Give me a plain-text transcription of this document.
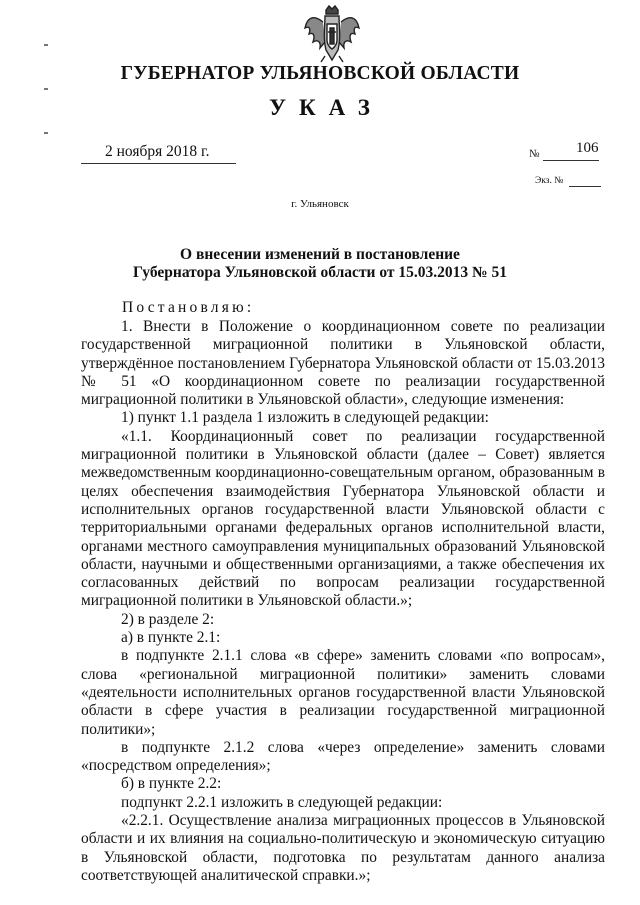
ГУБЕРНАТОР УЛЬЯНОВСКОЙ ОБЛАСТИ
УКАЗ
2 ноября 2018 г.	№ 106
Экз. №
г. Ульяновск
О внесении изменений в постановление
Губернатора Ульяновской области от 15.03.2013 № 51
Постановляю:

1. Внести в Положение о координационном совете по реализации государственной миграционной политики в Ульяновской области, утверждённое постановлением Губернатора Ульяновской области от 15.03.2013 № 51 «О координационном совете по реализации государственной миграционной политики в Ульяновской области», следующие изменения:

1) пункт 1.1 раздела 1 изложить в следующей редакции:

«1.1. Координационный совет по реализации государственной миграционной политики в Ульяновской области (далее – Совет) является межведомственным координационно-совещательным органом, образованным в целях обеспечения взаимодействия Губернатора Ульяновской области и исполнительных органов государственной власти Ульяновской области с территориальными органами федеральных органов исполнительной власти, органами местного самоуправления муниципальных образований Ульяновской области, научными и общественными организациями, а также обеспечения их согласованных действий по вопросам реализации государственной миграционной политики в Ульяновской области.»;

2) в разделе 2:

а) в пункте 2.1:

в подпункте 2.1.1 слова «в сфере» заменить словами «по вопросам», слова «региональной миграционной политики» заменить словами «деятельности исполнительных органов государственной власти Ульяновской области в сфере участия в реализации государственной миграционной политики»;

в подпункте 2.1.2 слова «через определение» заменить словами «посредством определения»;

б) в пункте 2.2:

подпункт 2.2.1 изложить в следующей редакции:

«2.2.1. Осуществление анализа миграционных процессов в Ульяновской области и их влияния на социально-политическую и экономическую ситуацию в Ульяновской области, подготовка по результатам данного анализа соответствующей аналитической справки.»;
